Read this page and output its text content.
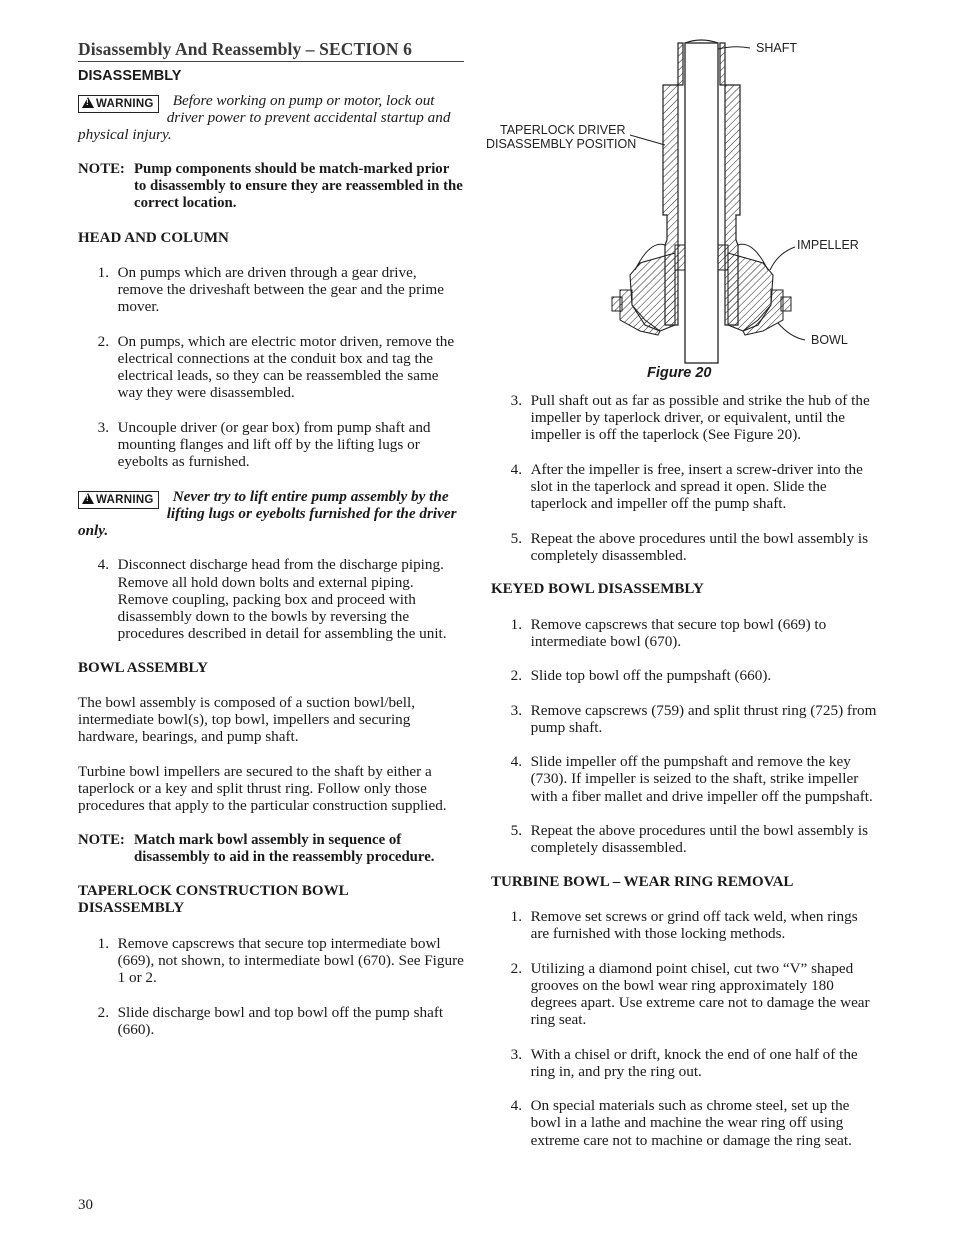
Disassembly And Reassembly – SECTION 6
DISASSEMBLY
!WARNING	Before working on pump or motor, lock out driver power to prevent accidental startup and physical injury.
NOTE: Pump components should be match-marked prior to disassembly to ensure they are reassembled in the correct location.
HEAD AND COLUMN
1. On pumps which are driven through a gear drive, remove the driveshaft between the gear and the prime mover.
2. On pumps, which are electric motor driven, remove the electrical connections at the conduit box and tag the electrical leads, so they can be reassembled the same way they were disassembled.
3. Uncouple driver (or gear box) from pump shaft and mounting flanges and lift off by the lifting lugs or eyebolts as furnished.
!WARNING	Never try to lift entire pump assembly by the lifting lugs or eyebolts furnished for the driver only.
4. Disconnect discharge head from the discharge piping. Remove all hold down bolts and external piping. Remove coupling, packing box and proceed with disassembly down to the bowls by reversing the procedures described in detail for assembling the unit.
BOWL ASSEMBLY

The bowl assembly is composed of a suction bowl/bell, intermediate bowl(s), top bowl, impellers and securing hardware, bearings, and pump shaft.

Turbine bowl impellers are secured to the shaft by either a taperlock or a key and split thrust ring. Follow only those procedures that apply to the particular construction supplied.

NOTE: Match mark bowl assembly in sequence of disassembly to aid in the reassembly procedure.
TAPERLOCK CONSTRUCTION BOWL DISASSEMBLY
1. Remove capscrews that secure top intermediate bowl (669), not shown, to intermediate bowl (670). See Figure 1 or 2.
2. Slide discharge bowl and top bowl off the pump shaft (660).
SHAFT
TAPERLOCK DRIVER
DISASSEMBLY POSITION
IMPELLER
BOWL
Figure 20
3. Pull shaft out as far as possible and strike the hub of the impeller by taperlock driver, or equivalent, until the impeller is off the taperlock (See Figure 20).
4. After the impeller is free, insert a screw-driver into the slot in the taperlock and spread it open. Slide the taperlock and impeller off the pump shaft.
5. Repeat the above procedures until the bowl assembly is completely disassembled.
KEYED BOWL DISASSEMBLY
1. Remove capscrews that secure top bowl (669) to intermediate bowl (670).
2. Slide top bowl off the pumpshaft (660).
3. Remove capscrews (759) and split thrust ring (725) from pump shaft.
4. Slide impeller off the pumpshaft and remove the key (730). If impeller is seized to the shaft, strike impeller with a fiber mallet and drive impeller off the pumpshaft.
5. Repeat the above procedures until the bowl assembly is completely disassembled.
TURBINE BOWL – WEAR RING REMOVAL
1. Remove set screws or grind off tack weld, when rings are furnished with those locking methods.
2. Utilizing a diamond point chisel, cut two “V” shaped grooves on the bowl wear ring approximately 180 degrees apart. Use extreme care not to damage the wear ring seat.
3. With a chisel or drift, knock the end of one half of the ring in, and pry the ring out.
4. On special materials such as chrome steel, set up the bowl in a lathe and machine the wear ring off using extreme care not to machine or damage the ring seat.
30
